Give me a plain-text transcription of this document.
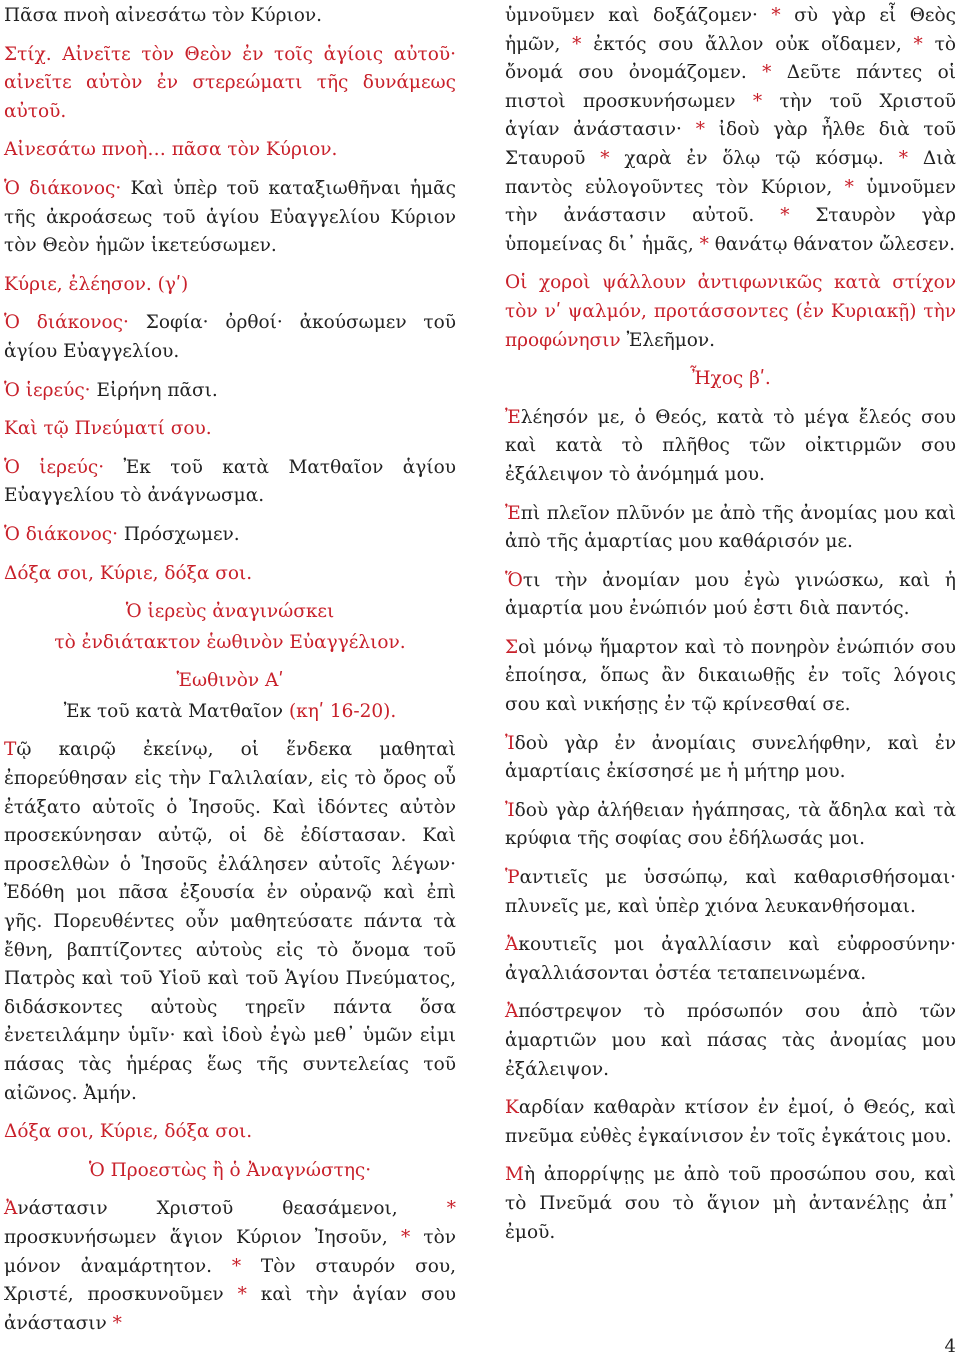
Πᾶσα πνοὴ αἰνεσάτω τὸν Κύριον.

Στίχ. Αἰνεῖτε τὸν Θεὸν ἐν τοῖς ἁγίοις αὐτοῦ· αἰνεῖτε αὐτὸν ἐν στερεώματι τῆς δυνάμεως αὐτοῦ.

Αἰνεσάτω πνοὴ… πᾶσα τὸν Κύριον.

Ὁ διάκονος· Καὶ ὑπὲρ τοῦ καταξιωθῆναι ἡμᾶς τῆς ἀκροάσεως τοῦ ἁγίου Εὐαγγελίου Κύριον τὸν Θεὸν ἡμῶν ἱκετεύσωμεν.

Κύριε, ἐλέησον. (γʹ)

Ὁ διάκονος· Σοφία· ὀρθοί· ἀκούσωμεν τοῦ ἁγίου Εὐαγγελίου.

Ὁ ἱερεύς· Εἰρήνη πᾶσι.

Καὶ τῷ Πνεύματί σου.

Ὁ ἱερεύς· Ἐκ τοῦ κατὰ Ματθαῖον ἁγίου Εὐαγγελίου τὸ ἀνάγνωσμα.

Ὁ διάκονος· Πρόσχωμεν.

Δόξα σοι, Κύριε, δόξα σοι.

Ὁ ἱερεὺς ἀναγινώσκει

τὸ ἐνδιάτακτον ἑωθινὸν Εὐαγγέλιον.

Ἑωθινὸν Αʹ

Ἐκ τοῦ κατὰ Ματθαῖον (κηʹ 16-20).

Τῷ καιρῷ ἐκείνῳ, οἱ ἕνδεκα μαθηταὶ ἐπορεύθησαν εἰς τὴν Γαλιλαίαν, εἰς τὸ ὄρος οὗ ἐτάξατο αὐτοῖς ὁ Ἰησοῦς. Καὶ ἰδόντες αὐτὸν προσεκύνησαν αὐτῷ, οἱ δὲ ἐδίστασαν. Καὶ προσελθὼν ὁ Ἰησοῦς ἐλάλησεν αὐτοῖς λέγων· Ἐδόθη μοι πᾶσα ἐξουσία ἐν οὐρανῷ καὶ ἐπὶ γῆς. Πορευθέντες οὖν μαθητεύσατε πάντα τὰ ἔθνη, βαπτίζοντες αὐτοὺς εἰς τὸ ὄνομα τοῦ Πατρὸς καὶ τοῦ Υἱοῦ καὶ τοῦ Ἁγίου Πνεύματος, διδάσκοντες αὐτοὺς τηρεῖν πάντα ὅσα ἐνετειλάμην ὑμῖν· καὶ ἰδοὺ ἐγὼ μεθ᾽ ὑμῶν εἰμι πάσας τὰς ἡμέρας ἕως τῆς συντελείας τοῦ αἰῶνος. Ἀμήν.

Δόξα σοι, Κύριε, δόξα σοι.

Ὁ Προεστὼς ἢ ὁ Ἀναγνώστης·

Ἀνάστασιν Χριστοῦ θεασάμενοι, * προσκυνήσωμεν ἅγιον Κύριον Ἰησοῦν, * τὸν μόνον ἀναμάρτητον. * Τὸν σταυρόν σου, Χριστέ, προσκυνοῦμεν * καὶ τὴν ἁγίαν σου ἀνάστασιν *

ὑμνοῦμεν καὶ δοξάζομεν· * σὺ γὰρ εἶ Θεὸς ἡμῶν, * ἐκτός σου ἄλλον οὐκ οἴδαμεν, * τὸ ὄνομά σου ὀνομάζομεν. * Δεῦτε πάντες οἱ πιστοὶ προσκυνήσωμεν * τὴν τοῦ Χριστοῦ ἁγίαν ἀνάστασιν· * ἰδοὺ γὰρ ἦλθε διὰ τοῦ Σταυροῦ * χαρὰ ἐν ὅλῳ τῷ κόσμῳ. * Διὰ παντὸς εὐλογοῦντες τὸν Κύριον, * ὑμνοῦμεν τὴν ἀνάστασιν αὐτοῦ. * Σταυρὸν γὰρ ὑπομείνας δι᾽ ἡμᾶς, * θανάτῳ θάνατον ὤλεσεν.

Οἱ χοροὶ ψάλλουν ἀντιφωνικῶς κατὰ στίχον τὸν νʹ ψαλμόν, προτάσσοντες (ἐν Κυριακῇ) τὴν προφώνησιν Ἐλεῆμον.

Ἦχος βʹ.

Ἐλέησόν με, ὁ Θεός, κατὰ τὸ μέγα ἔλεός σου καὶ κατὰ τὸ πλῆθος τῶν οἰκτιρμῶν σου ἐξάλειψον τὸ ἀνόμημά μου.

Ἐπὶ πλεῖον πλῦνόν με ἀπὸ τῆς ἀνομίας μου καὶ ἀπὸ τῆς ἁμαρτίας μου καθάρισόν με.

Ὅτι τὴν ἀνομίαν μου ἐγὼ γινώσκω, καὶ ἡ ἁμαρτία μου ἐνώπιόν μού ἐστι διὰ παντός.

Σοὶ μόνῳ ἥμαρτον καὶ τὸ πονηρὸν ἐνώπιόν σου ἐποίησα, ὅπως ἂν δικαιωθῇς ἐν τοῖς λόγοις σου καὶ νικήσῃς ἐν τῷ κρίνεσθαί σε.

Ἰδοὺ γὰρ ἐν ἀνομίαις συνελήφθην, καὶ ἐν ἁμαρτίαις ἐκίσσησέ με ἡ μήτηρ μου.

Ἰδοὺ γὰρ ἀλήθειαν ἠγάπησας, τὰ ἄδηλα καὶ τὰ κρύφια τῆς σοφίας σου ἐδήλωσάς μοι.

Ῥαντιεῖς με ὑσσώπῳ, καὶ καθαρισθήσομαι· πλυνεῖς με, καὶ ὑπὲρ χιόνα λευκανθήσομαι.

Ἀκουτιεῖς μοι ἀγαλλίασιν καὶ εὐφροσύνην· ἀγαλλιάσονται ὀστέα τεταπεινωμένα.

Ἀπόστρεψον τὸ πρόσωπόν σου ἀπὸ τῶν ἁμαρτιῶν μου καὶ πάσας τὰς ἀνομίας μου ἐξάλειψον.

Καρδίαν καθαρὰν κτίσον ἐν ἐμοί, ὁ Θεός, καὶ πνεῦμα εὐθὲς ἐγκαίνισον ἐν τοῖς ἐγκάτοις μου.

Μὴ ἀπορρίψῃς με ἀπὸ τοῦ προσώπου σου, καὶ τὸ Πνεῦμά σου τὸ ἅγιον μὴ ἀντανέλῃς ἀπ᾽ ἐμοῦ.

4
